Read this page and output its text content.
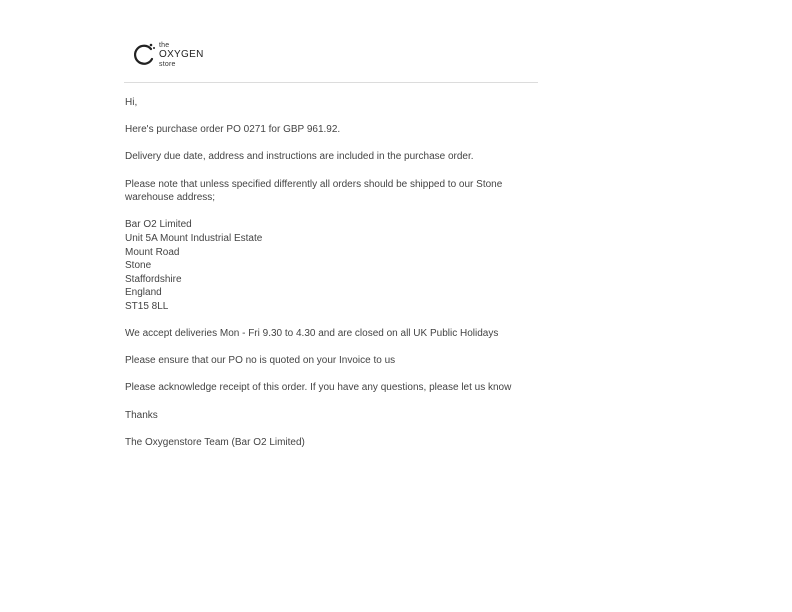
the
OXYGEN
store

Hi,

Here's purchase order PO 0271 for GBP 961.92.

Delivery due date, address and instructions are included in the purchase order.

Please note that unless specified differently all orders should be shipped to our Stone warehouse address;

Bar O2 Limited
Unit 5A Mount Industrial Estate
Mount Road
Stone
Staffordshire
England
ST15 8LL

We accept deliveries Mon - Fri 9.30 to 4.30 and are closed on all UK Public Holidays

Please ensure that our PO no is quoted on your Invoice to us

Please acknowledge receipt of this order. If you have any questions, please let us know

Thanks

The Oxygenstore Team (Bar O2 Limited)
